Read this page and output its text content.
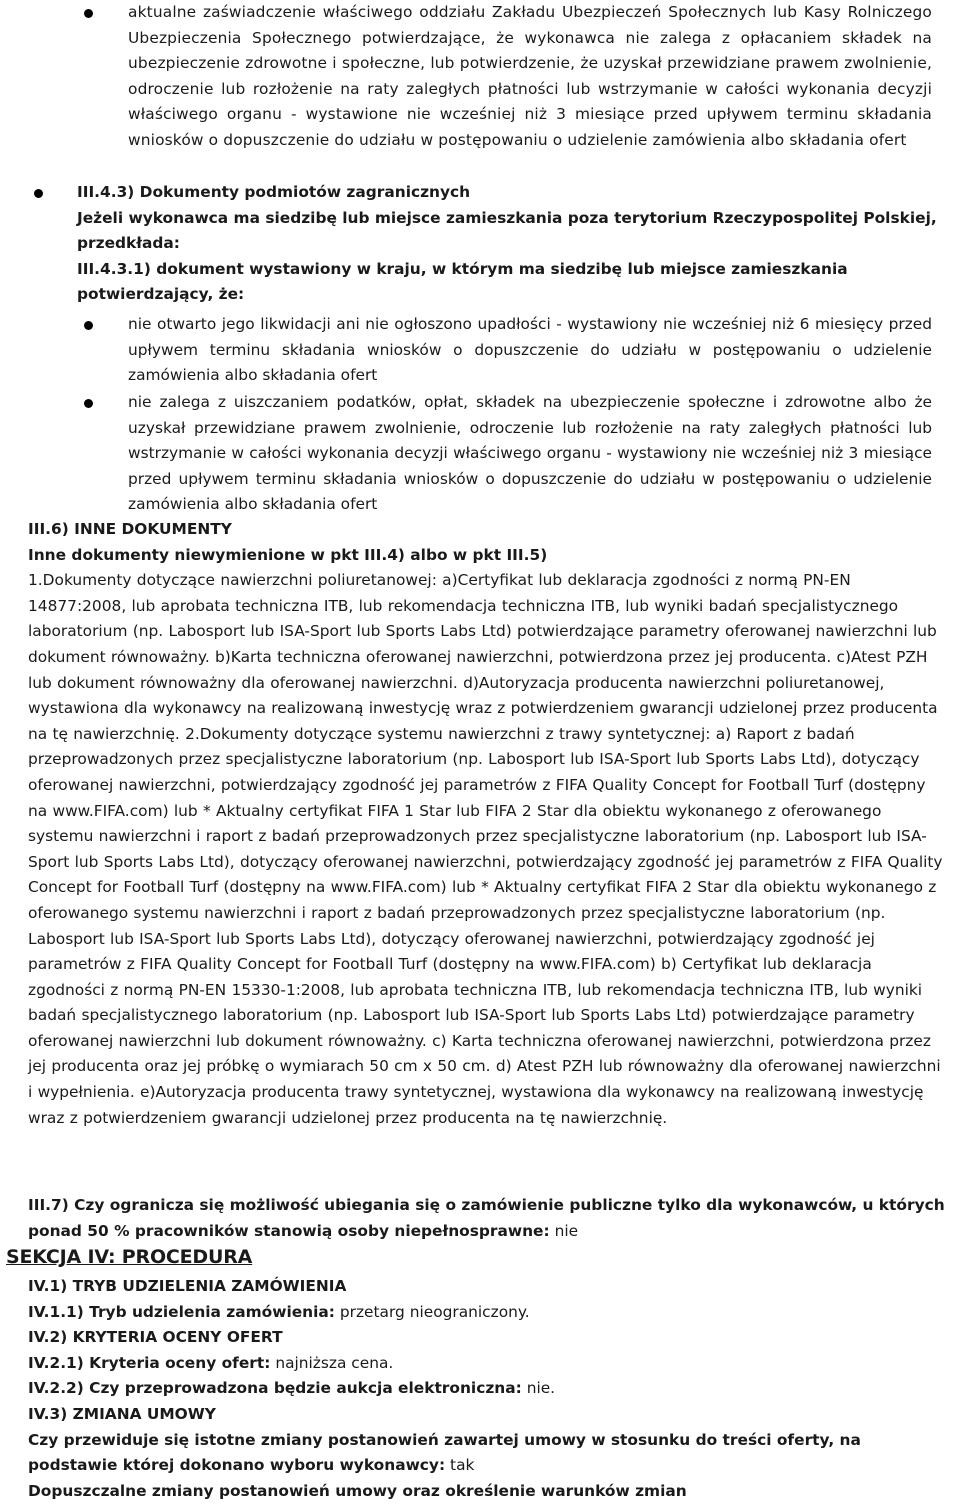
aktualne zaświadczenie właściwego oddziału Zakładu Ubezpieczeń Społecznych lub Kasy Rolniczego Ubezpieczenia Społecznego potwierdzające, że wykonawca nie zalega z opłacaniem składek na ubezpieczenie zdrowotne i społeczne, lub potwierdzenie, że uzyskał przewidziane prawem zwolnienie, odroczenie lub rozłożenie na raty zaległych płatności lub wstrzymanie w całości wykonania decyzji właściwego organu - wystawione nie wcześniej niż 3 miesiące przed upływem terminu składania wniosków o dopuszczenie do udziału w postępowaniu o udzielenie zamówienia albo składania ofert

III.4.3) Dokumenty podmiotów zagranicznych

Jeżeli wykonawca ma siedzibę lub miejsce zamieszkania poza terytorium Rzeczypospolitej Polskiej, przedkłada:

III.4.3.1) dokument wystawiony w kraju, w którym ma siedzibę lub miejsce zamieszkania potwierdzający, że:

nie otwarto jego likwidacji ani nie ogłoszono upadłości - wystawiony nie wcześniej niż 6 miesięcy przed upływem terminu składania wniosków o dopuszczenie do udziału w postępowaniu o udzielenie zamówienia albo składania ofert

nie zalega z uiszczaniem podatków, opłat, składek na ubezpieczenie społeczne i zdrowotne albo że uzyskał przewidziane prawem zwolnienie, odroczenie lub rozłożenie na raty zaległych płatności lub wstrzymanie w całości wykonania decyzji właściwego organu - wystawiony nie wcześniej niż 3 miesiące przed upływem terminu składania wniosków o dopuszczenie do udziału w postępowaniu o udzielenie zamówienia albo składania ofert

III.6) INNE DOKUMENTY

Inne dokumenty niewymienione w pkt III.4) albo w pkt III.5)

1.Dokumenty dotyczące nawierzchni poliuretanowej: a)Certyfikat lub deklaracja zgodności z normą PN-EN 14877:2008, lub aprobata techniczna ITB, lub rekomendacja techniczna ITB, lub wyniki badań specjalistycznego laboratorium (np. Labosport lub ISA-Sport lub Sports Labs Ltd) potwierdzające parametry oferowanej nawierzchni lub dokument równoważny. b)Karta techniczna oferowanej nawierzchni, potwierdzona przez jej producenta. c)Atest PZH lub dokument równoważny dla oferowanej nawierzchni. d)Autoryzacja producenta nawierzchni poliuretanowej, wystawiona dla wykonawcy na realizowaną inwestycję wraz z potwierdzeniem gwarancji udzielonej przez producenta na tę nawierzchnię. 2.Dokumenty dotyczące systemu nawierzchni z trawy syntetycznej: a) Raport z badań przeprowadzonych przez specjalistyczne laboratorium (np. Labosport lub ISA-Sport lub Sports Labs Ltd), dotyczący oferowanej nawierzchni, potwierdzający zgodność jej parametrów z FIFA Quality Concept for Football Turf (dostępny na www.FIFA.com) lub * Aktualny certyfikat FIFA 1 Star lub FIFA 2 Star dla obiektu wykonanego z oferowanego systemu nawierzchni i raport z badań przeprowadzonych przez specjalistyczne laboratorium (np. Labosport lub ISA-Sport lub Sports Labs Ltd), dotyczący oferowanej nawierzchni, potwierdzający zgodność jej parametrów z FIFA Quality Concept for Football Turf (dostępny na www.FIFA.com) lub * Aktualny certyfikat FIFA 2 Star dla obiektu wykonanego z oferowanego systemu nawierzchni i raport z badań przeprowadzonych przez specjalistyczne laboratorium (np. Labosport lub ISA-Sport lub Sports Labs Ltd), dotyczący oferowanej nawierzchni, potwierdzający zgodność jej parametrów z FIFA Quality Concept for Football Turf (dostępny na www.FIFA.com) b) Certyfikat lub deklaracja zgodności z normą PN-EN 15330-1:2008, lub aprobata techniczna ITB, lub rekomendacja techniczna ITB, lub wyniki badań specjalistycznego laboratorium (np. Labosport lub ISA-Sport lub Sports Labs Ltd) potwierdzające parametry oferowanej nawierzchni lub dokument równoważny. c) Karta techniczna oferowanej nawierzchni, potwierdzona przez jej producenta oraz jej próbkę o wymiarach 50 cm x 50 cm. d) Atest PZH lub równoważny dla oferowanej nawierzchni i wypełnienia. e)Autoryzacja producenta trawy syntetycznej, wystawiona dla wykonawcy na realizowaną inwestycję wraz z potwierdzeniem gwarancji udzielonej przez producenta na tę nawierzchnię.

III.7) Czy ogranicza się możliwość ubiegania się o zamówienie publiczne tylko dla wykonawców, u których ponad 50 % pracowników stanowią osoby niepełnosprawne: nie

SEKCJA IV: PROCEDURA

IV.1) TRYB UDZIELENIA ZAMÓWIENIA

IV.1.1) Tryb udzielenia zamówienia: przetarg nieograniczony.

IV.2) KRYTERIA OCENY OFERT

IV.2.1) Kryteria oceny ofert: najniższa cena.

IV.2.2) Czy przeprowadzona będzie aukcja elektroniczna: nie.

IV.3) ZMIANA UMOWY

Czy przewiduje się istotne zmiany postanowień zawartej umowy w stosunku do treści oferty, na podstawie której dokonano wyboru wykonawcy: tak

Dopuszczalne zmiany postanowień umowy oraz określenie warunków zmian
